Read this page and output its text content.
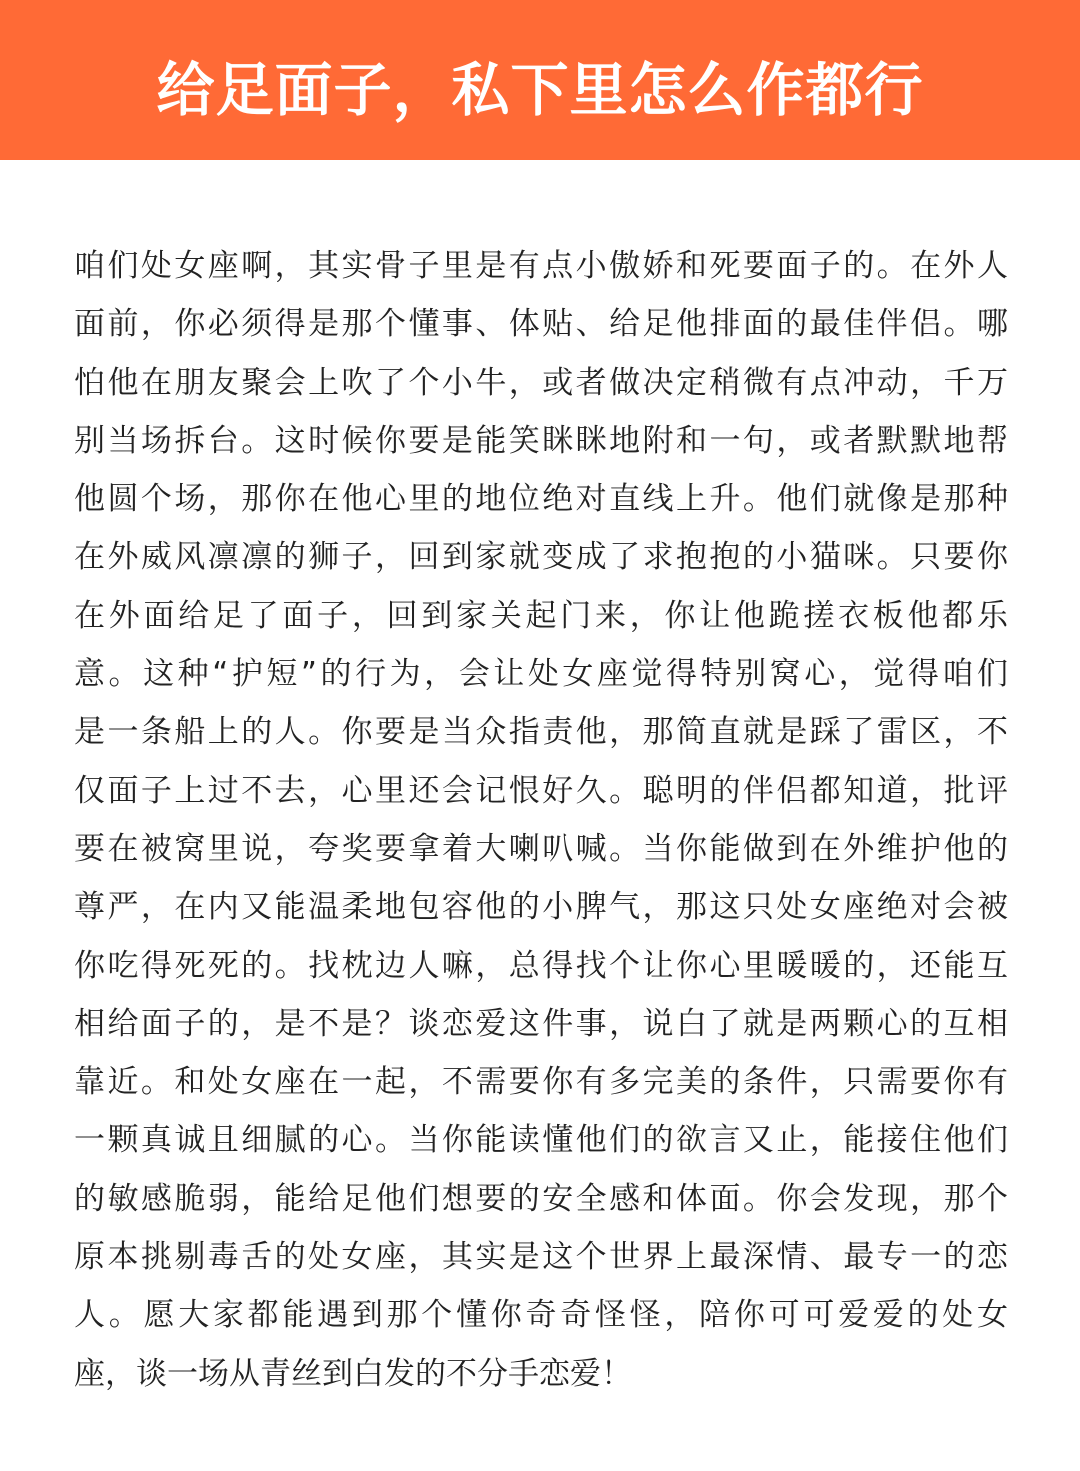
给足面子，私下里怎么作都行
咱们处女座啊，其实骨子里是有点小傲娇和死要面子的。在外人
面前，你必须得是那个懂事、体贴、给足他排面的最佳伴侣。哪
怕他在朋友聚会上吹了个小牛，或者做决定稍微有点冲动，千万
别当场拆台。这时候你要是能笑眯眯地附和一句，或者默默地帮
他圆个场，那你在他心里的地位绝对直线上升。他们就像是那种
在外威风凛凛的狮子，回到家就变成了求抱抱的小猫咪。只要你
在外面给足了面子，回到家关起门来，你让他跪搓衣板他都乐
意。这种“护短”的行为，会让处女座觉得特别窝心，觉得咱们
是一条船上的人。你要是当众指责他，那简直就是踩了雷区，不
仅面子上过不去，心里还会记恨好久。聪明的伴侣都知道，批评
要在被窝里说，夸奖要拿着大喇叭喊。当你能做到在外维护他的
尊严，在内又能温柔地包容他的小脾气，那这只处女座绝对会被
你吃得死死的。找枕边人嘛，总得找个让你心里暖暖的，还能互
相给面子的，是不是？谈恋爱这件事，说白了就是两颗心的互相
靠近。和处女座在一起，不需要你有多完美的条件，只需要你有
一颗真诚且细腻的心。当你能读懂他们的欲言又止，能接住他们
的敏感脆弱，能给足他们想要的安全感和体面。你会发现，那个
原本挑剔毒舌的处女座，其实是这个世界上最深情、最专一的恋
人。愿大家都能遇到那个懂你奇奇怪怪，陪你可可爱爱的处女
座，谈一场从青丝到白发的不分手恋爱！
